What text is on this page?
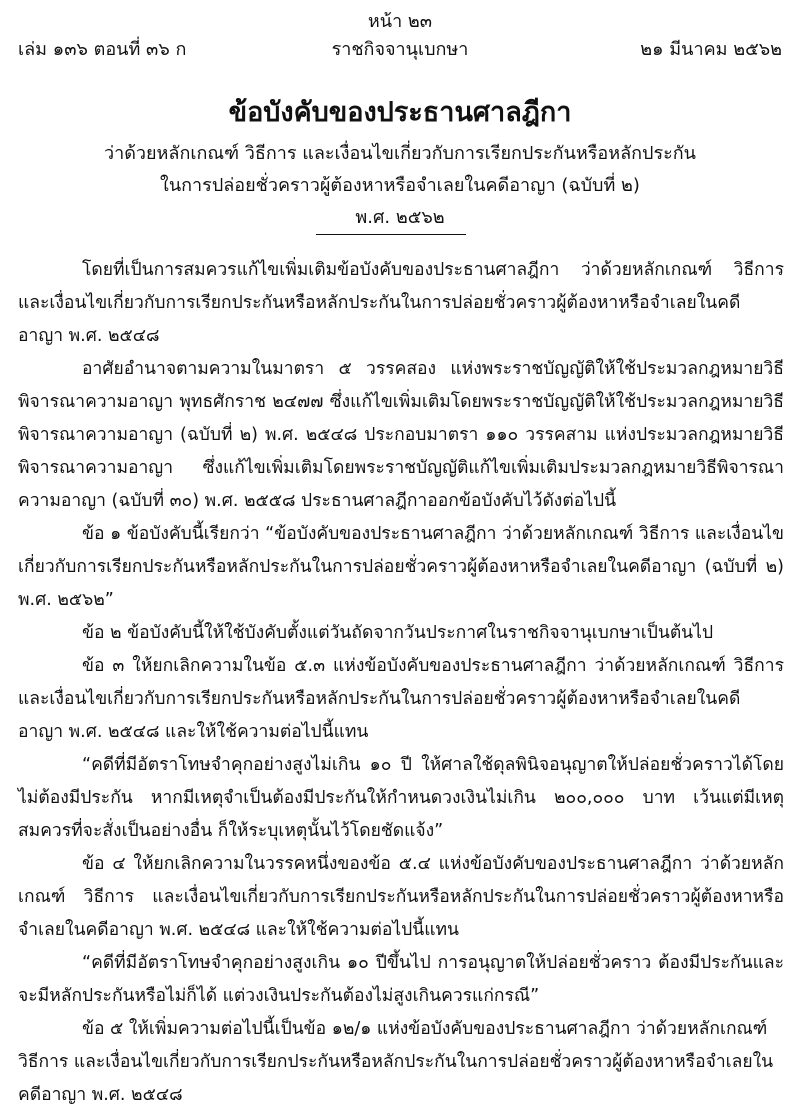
หน้า ๒๓
เล่ม ๑๓๖ ตอนที่ ๓๖ ก	ราชกิจจานุเบกษา	๒๑ มีนาคม ๒๕๖๒
ข้อบังคับของประธานศาลฎีกา
ว่าด้วยหลักเกณฑ์ วิธีการ และเงื่อนไขเกี่ยวกับการเรียกประกันหรือหลักประกัน
ในการปล่อยชั่วคราวผู้ต้องหาหรือจำเลยในคดีอาญา (ฉบับที่ ๒)
พ.ศ. ๒๕๖๒

โดยที่เป็นการสมควรแก้ไขเพิ่มเติมข้อบังคับของประธานศาลฎีกา ว่าด้วยหลักเกณฑ์ วิธีการ และเงื่อนไขเกี่ยวกับการเรียกประกันหรือหลักประกันในการปล่อยชั่วคราวผู้ต้องหาหรือจำเลยในคดีอาญา พ.ศ. ๒๕๔๘

อาศัยอำนาจตามความในมาตรา ๕ วรรคสอง แห่งพระราชบัญญัติให้ใช้ประมวลกฎหมายวิธีพิจารณาความอาญา พุทธศักราช ๒๔๗๗ ซึ่งแก้ไขเพิ่มเติมโดยพระราชบัญญัติให้ใช้ประมวลกฎหมายวิธีพิจารณาความอาญา (ฉบับที่ ๒) พ.ศ. ๒๕๔๘ ประกอบมาตรา ๑๑๐ วรรคสาม แห่งประมวลกฎหมายวิธีพิจารณาความอาญา ซึ่งแก้ไขเพิ่มเติมโดยพระราชบัญญัติแก้ไขเพิ่มเติมประมวลกฎหมายวิธีพิจารณาความอาญา (ฉบับที่ ๓๐) พ.ศ. ๒๕๕๘ ประธานศาลฎีกาออกข้อบังคับไว้ดังต่อไปนี้

ข้อ ๑ ข้อบังคับนี้เรียกว่า “ข้อบังคับของประธานศาลฎีกา ว่าด้วยหลักเกณฑ์ วิธีการ และเงื่อนไขเกี่ยวกับการเรียกประกันหรือหลักประกันในการปล่อยชั่วคราวผู้ต้องหาหรือจำเลยในคดีอาญา (ฉบับที่ ๒) พ.ศ. ๒๕๖๒”

ข้อ ๒ ข้อบังคับนี้ให้ใช้บังคับตั้งแต่วันถัดจากวันประกาศในราชกิจจานุเบกษาเป็นต้นไป

ข้อ ๓ ให้ยกเลิกความในข้อ ๕.๓ แห่งข้อบังคับของประธานศาลฎีกา ว่าด้วยหลักเกณฑ์ วิธีการ และเงื่อนไขเกี่ยวกับการเรียกประกันหรือหลักประกันในการปล่อยชั่วคราวผู้ต้องหาหรือจำเลยในคดีอาญา พ.ศ. ๒๕๔๘ และให้ใช้ความต่อไปนี้แทน

“คดีที่มีอัตราโทษจำคุกอย่างสูงไม่เกิน ๑๐ ปี ให้ศาลใช้ดุลพินิจอนุญาตให้ปล่อยชั่วคราวได้โดยไม่ต้องมีประกัน หากมีเหตุจำเป็นต้องมีประกันให้กำหนดวงเงินไม่เกิน ๒๐๐,๐๐๐ บาท เว้นแต่มีเหตุสมควรที่จะสั่งเป็นอย่างอื่น ก็ให้ระบุเหตุนั้นไว้โดยชัดแจ้ง”

ข้อ ๔ ให้ยกเลิกความในวรรคหนึ่งของข้อ ๕.๔ แห่งข้อบังคับของประธานศาลฎีกา ว่าด้วยหลักเกณฑ์ วิธีการ และเงื่อนไขเกี่ยวกับการเรียกประกันหรือหลักประกันในการปล่อยชั่วคราวผู้ต้องหาหรือจำเลยในคดีอาญา พ.ศ. ๒๕๔๘ และให้ใช้ความต่อไปนี้แทน

“คดีที่มีอัตราโทษจำคุกอย่างสูงเกิน ๑๐ ปีขึ้นไป การอนุญาตให้ปล่อยชั่วคราว ต้องมีประกันและจะมีหลักประกันหรือไม่ก็ได้ แต่วงเงินประกันต้องไม่สูงเกินควรแก่กรณี”

ข้อ ๕ ให้เพิ่มความต่อไปนี้เป็นข้อ ๑๒/๑ แห่งข้อบังคับของประธานศาลฎีกา ว่าด้วยหลักเกณฑ์ วิธีการ และเงื่อนไขเกี่ยวกับการเรียกประกันหรือหลักประกันในการปล่อยชั่วคราวผู้ต้องหาหรือจำเลยในคดีอาญา พ.ศ. ๒๕๔๘
